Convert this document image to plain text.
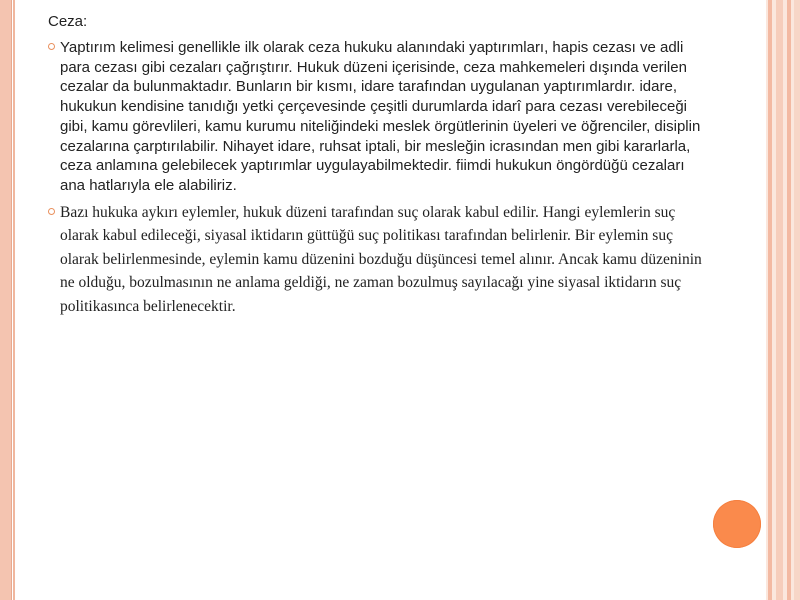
Ceza:
Yaptırım kelimesi genellikle ilk olarak ceza hukuku alanındaki yaptırımları, hapis cezası ve adli para cezası gibi cezaları çağrıştırır. Hukuk düzeni içerisinde, ceza mahkemeleri dışında verilen cezalar da bulunmaktadır. Bunların bir kısmı, idare tarafından uygulanan yaptırımlardır. idare, hukukun kendisine tanıdığı yetki çerçevesinde çeşitli durumlarda idarî para cezası verebileceği gibi, kamu görevlileri, kamu kurumu niteliğindeki meslek örgütlerinin üyeleri ve öğrenciler, disiplin cezalarına çarptırılabilir. Nihayet idare, ruhsat iptali, bir mesleğin icrasından men gibi kararlarla, ceza anlamına gelebilecek yaptırımlar uygulayabilmektedir. fiimdi hukukun öngördüğü cezaları ana hatlarıyla ele alabiliriz.
Bazı hukuka aykırı eylemler, hukuk düzeni tarafından suç olarak kabul edilir. Hangi eylemlerin suç olarak kabul edileceği, siyasal iktidarın güttüğü suç politikası tarafından belirlenir. Bir eylemin suç olarak belirlenmesinde, eylemin kamu düzenini bozduğu düşüncesi temel alınır. Ancak kamu düzeninin ne olduğu, bozulmasının ne anlama geldiği, ne zaman bozulmuş sayılacağı yine siyasal iktidarın suç politikasınca belirlenecektir.
